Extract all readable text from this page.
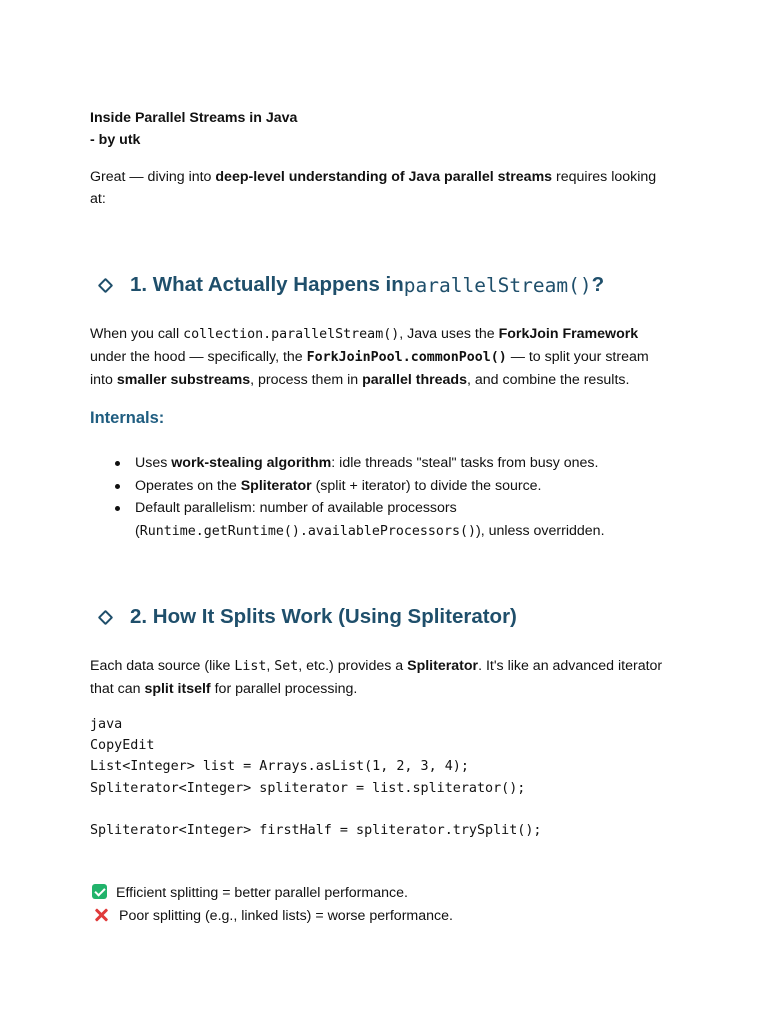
Inside Parallel Streams in Java
- by utk
Great — diving into deep-level understanding of Java parallel streams requires looking
at:
1. What Actually Happens in parallelStream() ?
When you call collection.parallelStream(), Java uses the ForkJoin Framework
under the hood — specifically, the ForkJoinPool.commonPool() — to split your stream
into smaller substreams, process them in parallel threads, and combine the results.
Internals:
Uses work-stealing algorithm: idle threads "steal" tasks from busy ones.
Operates on the Spliterator (split + iterator) to divide the source.
Default parallelism: number of available processors
(Runtime.getRuntime().availableProcessors()), unless overridden.
2. How It Splits Work (Using Spliterator)
Each data source (like List, Set, etc.) provides a Spliterator. It's like an advanced iterator
that can split itself for parallel processing.
java
CopyEdit
List<Integer> list = Arrays.asList(1, 2, 3, 4);
Spliterator<Integer> spliterator = list.spliterator();
Spliterator<Integer> firstHalf = spliterator.trySplit();
Efficient splitting = better parallel performance.
Poor splitting (e.g., linked lists) = worse performance.
